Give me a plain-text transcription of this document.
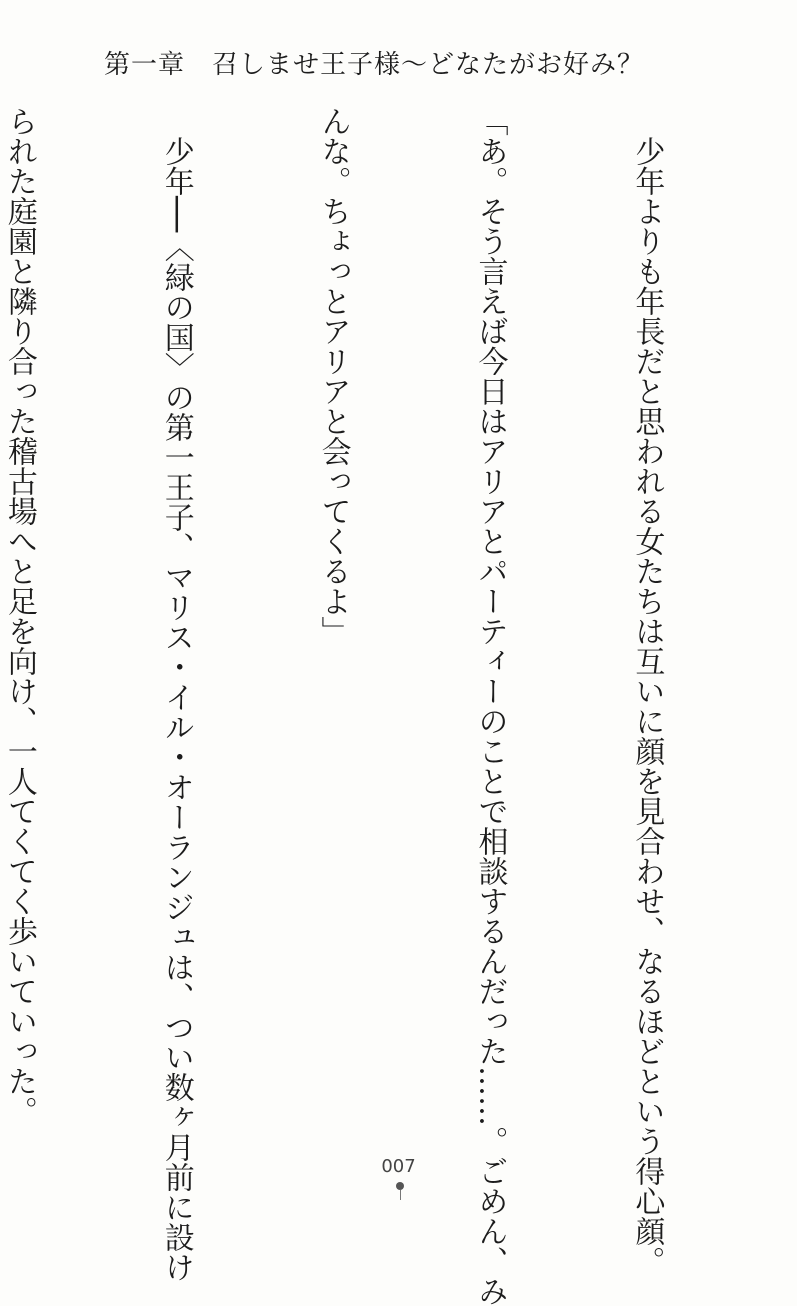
第一章　召しませ王子様〜どなたがお好み？

　少年よりも年長だと思われる女たちは互いに顔を見合わせ、なるほどという得心顔。

「あ。そう言えば今日はアリアとパーティーのことで相談するんだった……。ごめん、み

んな。ちょっとアリアと会ってくるよ」

　少年──〈緑の国〉の第一王子、マリス・イル・オーランジュは、つい数ヶ月前に設け

られた庭園と隣り合った稽古場へと足を向け、一人てくてく歩いていった。

007
